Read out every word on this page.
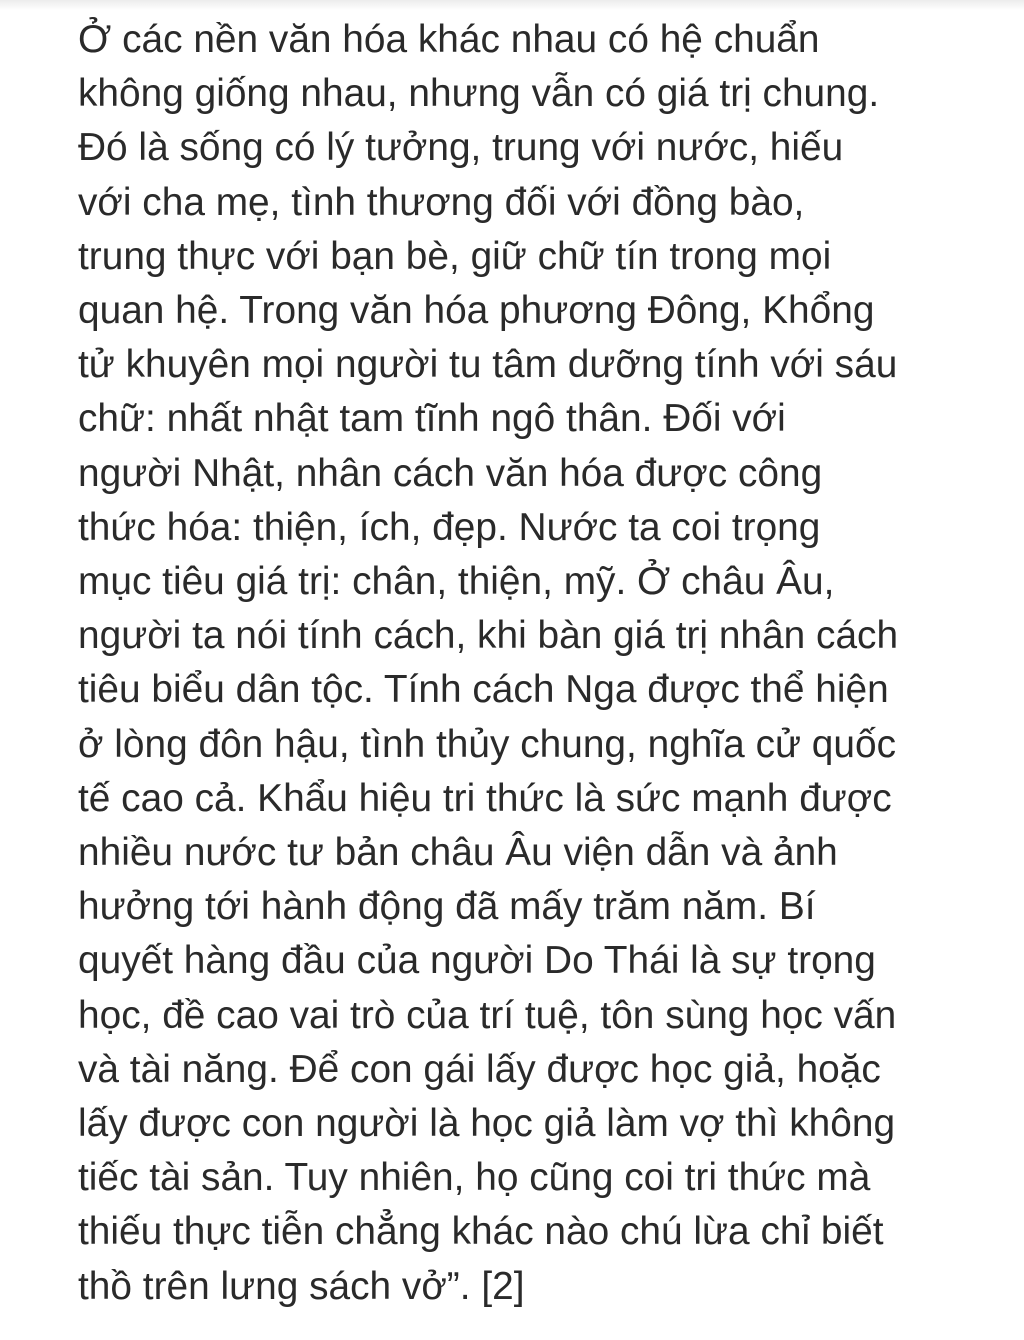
Ở các nền văn hóa khác nhau có hệ chuẩn
không giống nhau, nhưng vẫn có giá trị chung.
Đó là sống có lý tưởng, trung với nước, hiếu
với cha mẹ, tình thương đối với đồng bào,
trung thực với bạn bè, giữ chữ tín trong mọi
quan hệ. Trong văn hóa phương Đông, Khổng
tử khuyên mọi người tu tâm dưỡng tính với sáu
chữ: nhất nhật tam tĩnh ngô thân. Đối với
người Nhật, nhân cách văn hóa được công
thức hóa: thiện, ích, đẹp. Nước ta coi trọng
mục tiêu giá trị: chân, thiện, mỹ. Ở châu Âu,
người ta nói tính cách, khi bàn giá trị nhân cách
tiêu biểu dân tộc. Tính cách Nga được thể hiện
ở lòng đôn hậu, tình thủy chung, nghĩa cử quốc
tế cao cả. Khẩu hiệu tri thức là sức mạnh được
nhiều nước tư bản châu Âu viện dẫn và ảnh
hưởng tới hành động đã mấy trăm năm. Bí
quyết hàng đầu của người Do Thái là sự trọng
học, đề cao vai trò của trí tuệ, tôn sùng học vấn
và tài năng. Để con gái lấy được học giả, hoặc
lấy được con người là học giả làm vợ thì không
tiếc tài sản. Tuy nhiên, họ cũng coi tri thức mà
thiếu thực tiễn chẳng khác nào chú lừa chỉ biết
thồ trên lưng sách vở”. [2]
